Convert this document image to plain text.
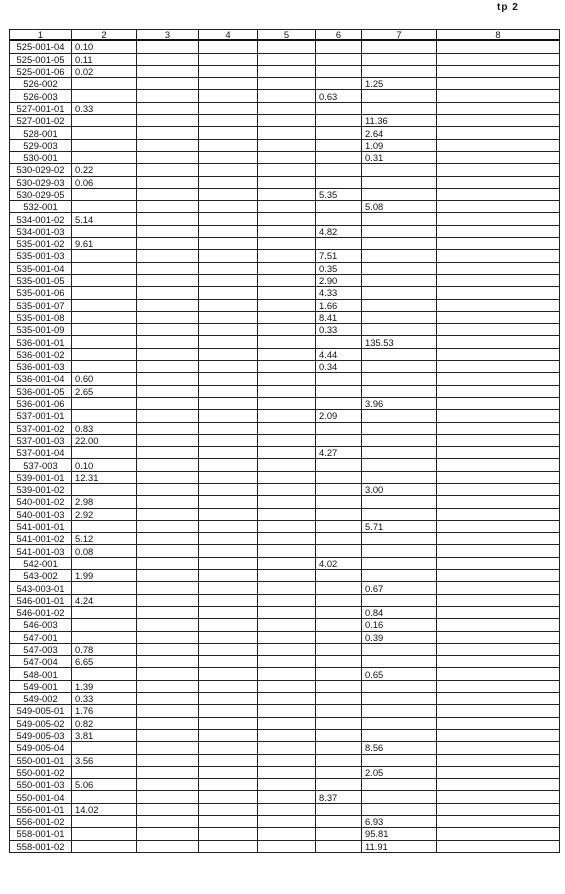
tp 2
1	2	3	4	5	6	7	8
525-001-04	0.10						
525-001-05	0.11						
525-001-06	0.02						
526-002						1.25	
526-003					0.63		
527-001-01	0.33						
527-001-02						11.36	
528-001						2.64	
529-003						1.09	
530-001						0.31	
530-029-02	0.22						
530-029-03	0.06						
530-029-05					5.35		
532-001						5.08	
534-001-02	5.14						
534-001-03					4.82		
535-001-02	9.61						
535-001-03					7.51		
535-001-04					0.35		
535-001-05					2.90		
535-001-06					4.33		
535-001-07					1.66		
535-001-08					8.41		
535-001-09					0.33		
536-001-01						135.53	
536-001-02					4.44		
536-001-03					0.34		
536-001-04	0.60						
536-001-05	2.65						
536-001-06						3.96	
537-001-01					2.09		
537-001-02	0.83						
537-001-03	22.00						
537-001-04					4.27		
537-003	0.10						
539-001-01	12.31						
539-001-02						3.00	
540-001-02	2.98						
540-001-03	2.92						
541-001-01						5.71	
541-001-02	5.12						
541-001-03	0.08						
542-001					4.02		
543-002	1.99						
543-003-01						0.67	
546-001-01	4.24						
546-001-02						0.84	
546-003						0.16	
547-001						0.39	
547-003	0.78						
547-004	6.65						
548-001						0.65	
549-001	1.39						
549-002	0.33						
549-005-01	1.76						
549-005-02	0.82						
549-005-03	3.81						
549-005-04						8.56	
550-001-01	3.56						
550-001-02						2.05	
550-001-03	5.06						
550-001-04					8.37		
556-001-01	14.02						
556-001-02						6.93	
558-001-01						95.81	
558-001-02						11.91	
